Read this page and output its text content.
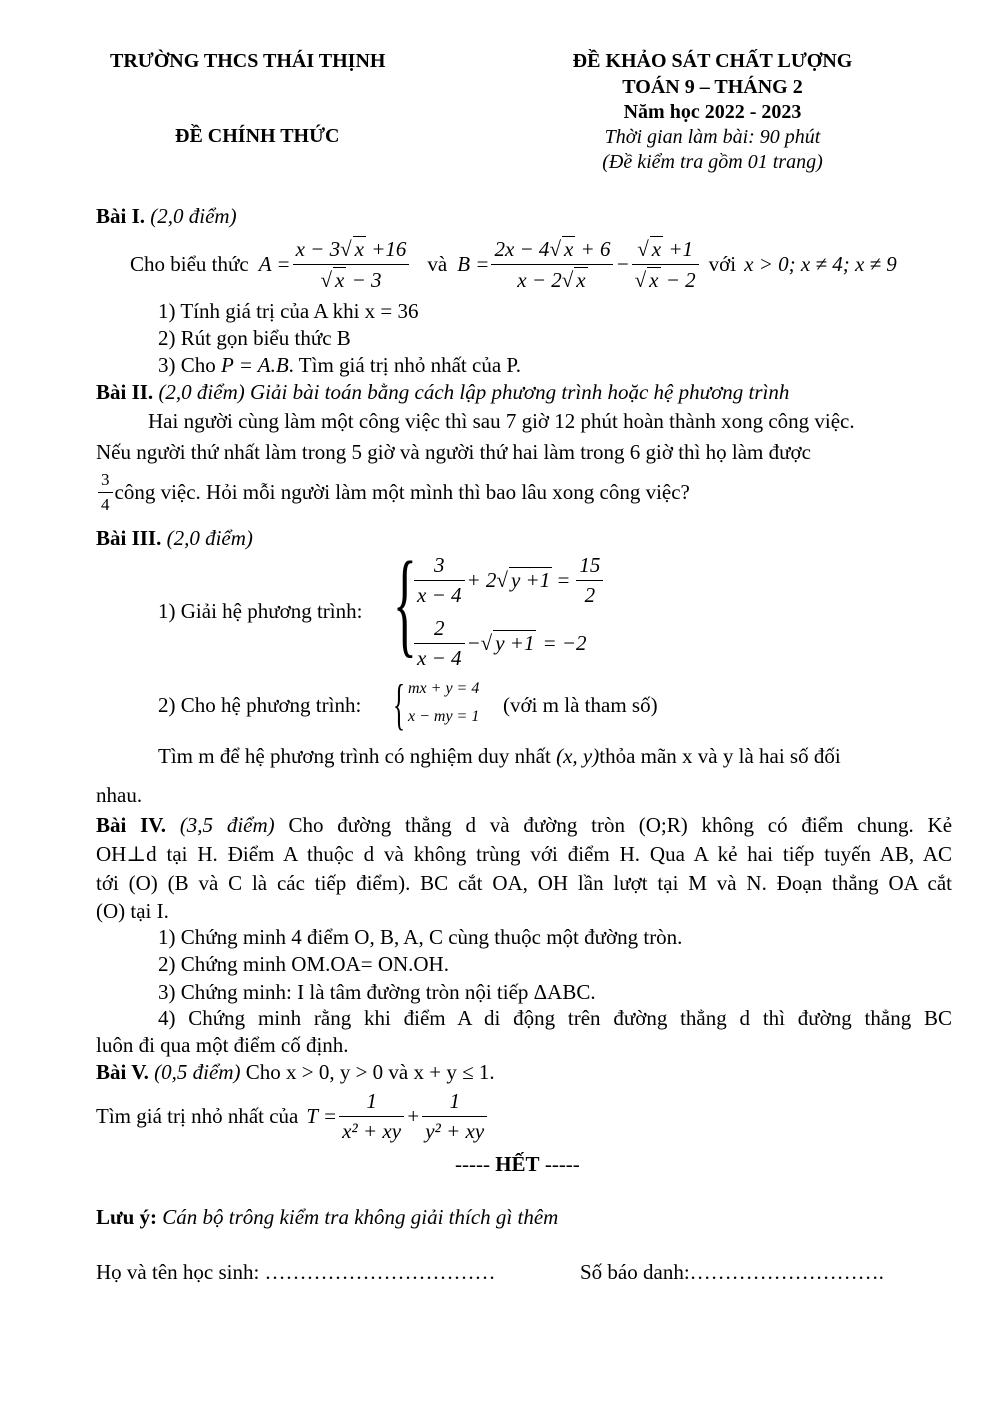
TRƯỜNG THCS THÁI THỊNH
ĐỀ CHÍNH THỨC
ĐỀ KHẢO SÁT CHẤT LƯỢNG
TOÁN 9 – THÁNG 2
Năm học 2022 - 2023
Thời gian làm bài: 90 phút
(Đề kiểm tra gồm 01 trang)
Bài I. (2,0 điểm)
Cho biểu thức $A = \frac{x - 3√ x +16}{√ x - 3}$ và $B = \frac{2x - 4√ x + 6}{x - 2√ x} - \frac{√ x +1}{√ x - 2}$ với x > 0; x ≠ 4; x ≠ 9
1) Tính giá trị của A khi x = 36
2) Rút gọn biểu thức B
3) Cho P = A.B. Tìm giá trị nhỏ nhất của P.
Bài II. (2,0 điểm) Giải bài toán bằng cách lập phương trình hoặc hệ phương trình
Hai người cùng làm một công việc thì sau 7 giờ 12 phút hoàn thành xong công việc.
Nếu người thứ nhất làm trong 5 giờ và người thứ hai làm trong 6 giờ thì họ làm được
$\frac{3}{4}$ công việc. Hỏi mỗi người làm một mình thì bao lâu xong công việc?
Bài III. (2,0 điểm)
1) Giải hệ phương trình: {
$\frac{3}{x - 4} + 2$ √ $y +1 = \frac{15}{2}$
$\frac{2}{x - 4}$ − √ y +1 = −2
2) Cho hệ phương trình: { mx + y = 4
x − my = 1 (với m là tham số)
Tìm m để hệ phương trình có nghiệm duy nhất (x, y)thỏa mãn x và y là hai số đối
nhau.
Bài IV. (3,5 điểm) Cho đường thẳng d và đường tròn (O;R) không có điểm chung. Kẻ
OH⊥d tại H. Điểm A thuộc d và không trùng với điểm H. Qua A kẻ hai tiếp tuyến AB, AC
tới (O) (B và C là các tiếp điểm). BC cắt OA, OH lần lượt tại M và N. Đoạn thẳng OA cắt
(O) tại I.
1) Chứng minh 4 điểm O, B, A, C cùng thuộc một đường tròn.
2) Chứng minh OM.OA= ON.OH.
3) Chứng minh: I là tâm đường tròn nội tiếp ΔABC.
4) Chứng minh rằng khi điểm A di động trên đường thẳng d thì đường thẳng BC
luôn đi qua một điểm cố định.
Bài V. (0,5 điểm) Cho x > 0, y > 0 và x + y ≤ 1.
Tìm giá trị nhỏ nhất của $T = \frac{1}{\text{x² + xy}} + \frac{1}{\text{y² + xy}}$
----- HẾT -----
Lưu ý: Cán bộ trông kiểm tra không giải thích gì thêm
Họ và tên học sinh: ……………………………	Số báo danh:……………………….
